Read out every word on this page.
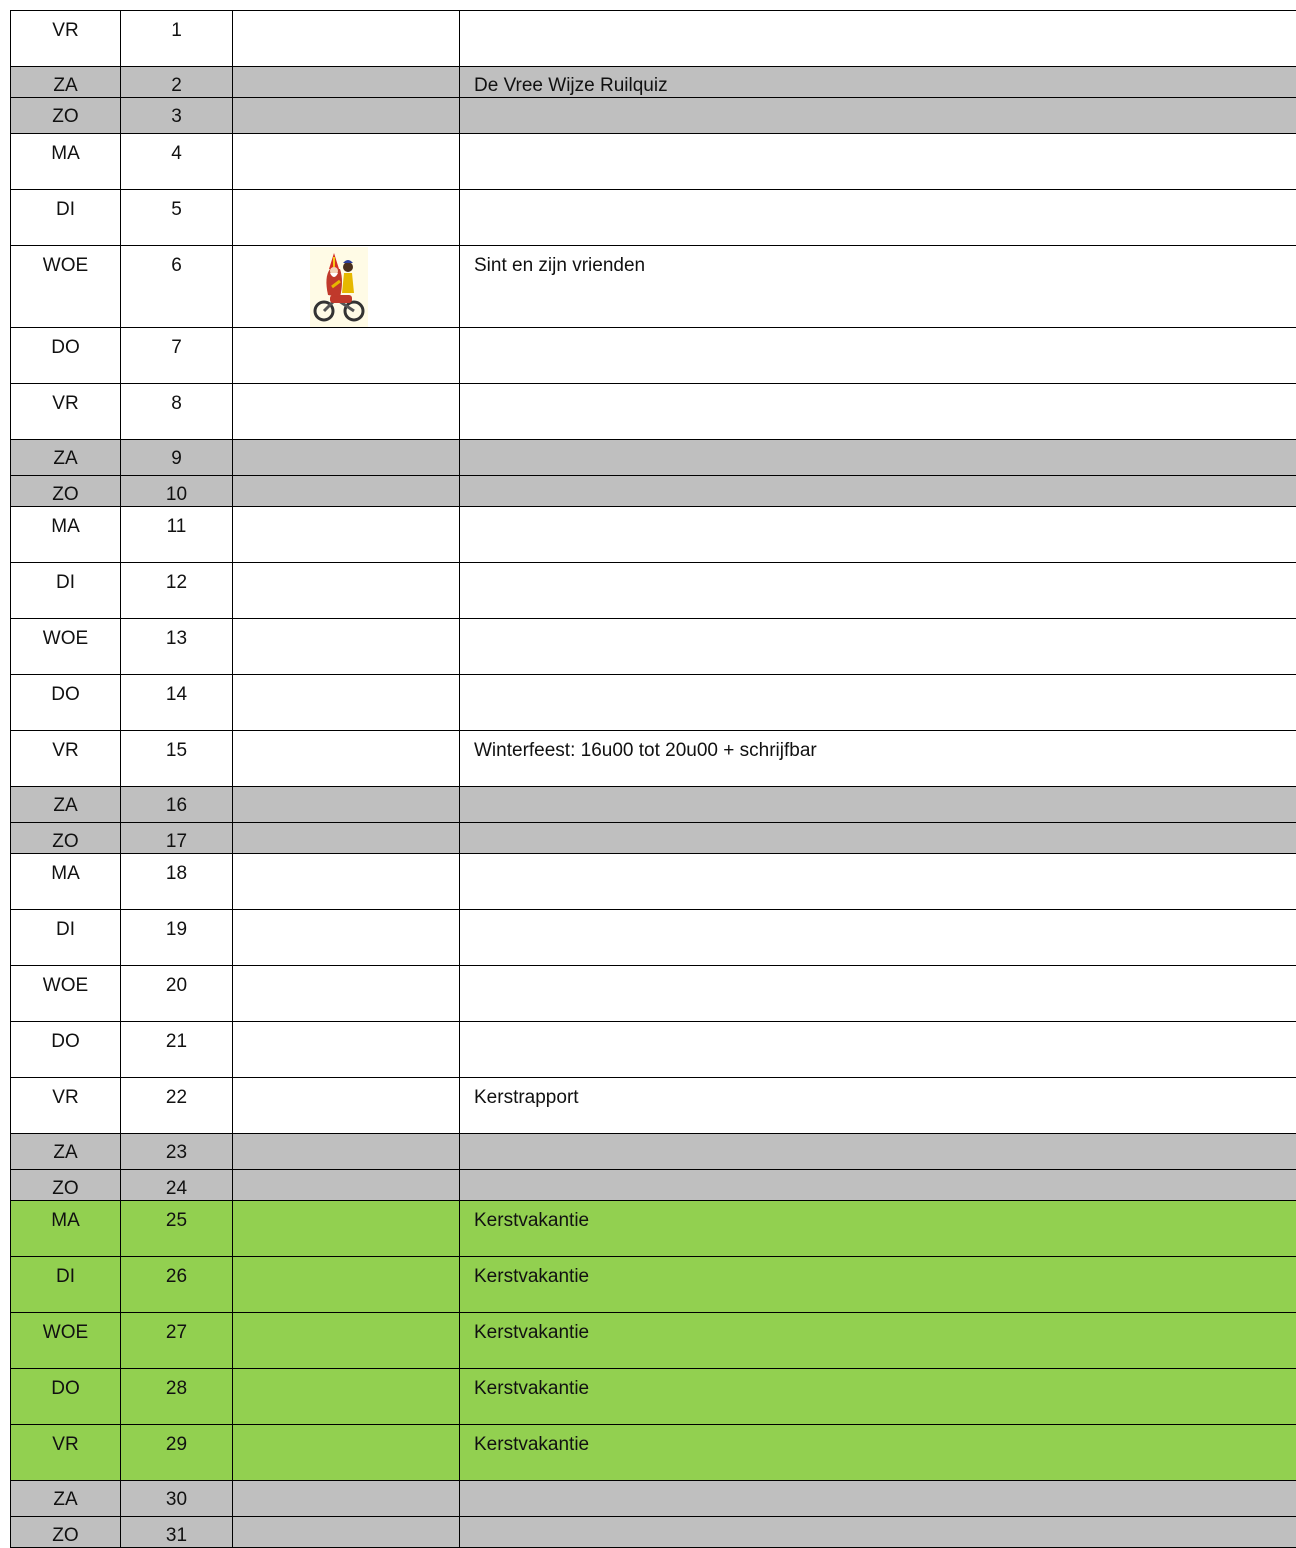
VR	1		

ZA	2		De Vree Wijze Ruilquiz

ZO	3		

MA	4		

DI	5		

WOE	6		Sint en zijn vrienden

DO	7		

VR	8		

ZA	9		

ZO	10		

MA	11		

DI	12		

WOE	13		

DO	14		

VR	15		Winterfeest: 16u00 tot 20u00 + schrijfbar

ZA	16		

ZO	17		

MA	18		

DI	19		

WOE	20		

DO	21		

VR	22		Kerstrapport

ZA	23		

ZO	24		

MA	25		Kerstvakantie

DI	26		Kerstvakantie

WOE	27		Kerstvakantie

DO	28		Kerstvakantie

VR	29		Kerstvakantie

ZA	30		

ZO	31		
